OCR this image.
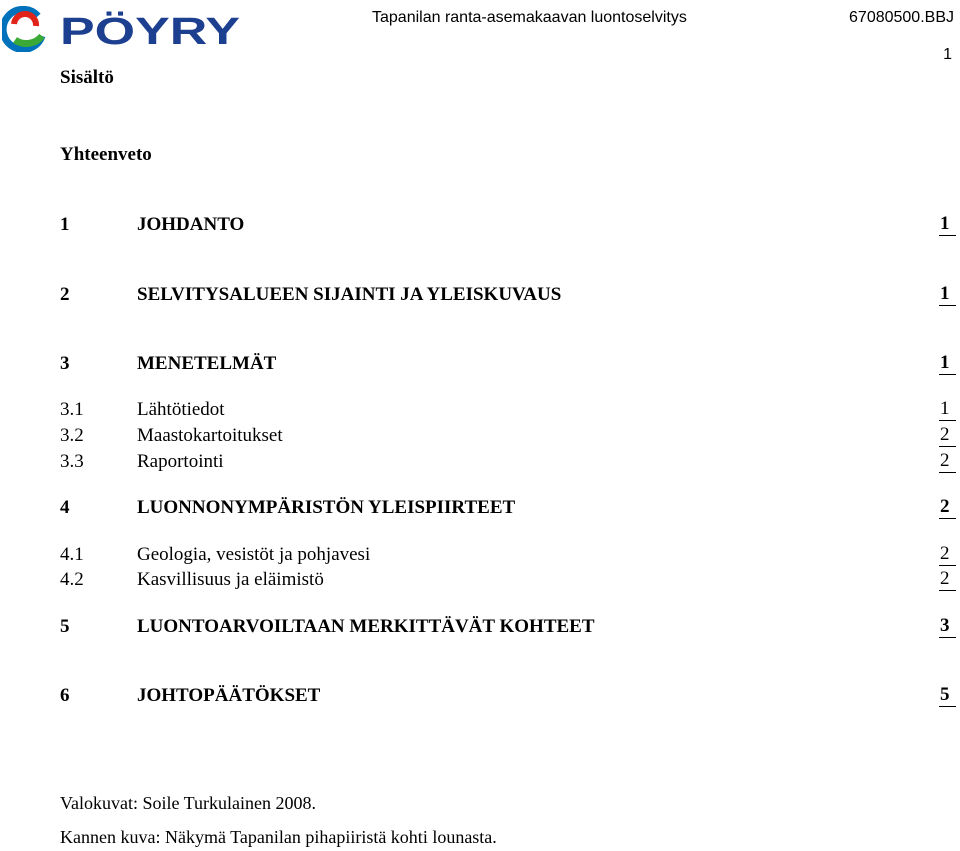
PÖYRY	Tapanilan ranta-asemakaavan luontoselvitys	67080500.BBJ
1
Sisältö
Yhteenveto
1	JOHDANTO	1
2	SELVITYSALUEEN SIJAINTI JA YLEISKUVAUS	1
3	MENETELMÄT	1
3.1	Lähtötiedot	1
3.2	Maastokartoitukset	2
3.3	Raportointi	2
4	LUONNONYMPÄRISTÖN YLEISPIIRTEET	2
4.1	Geologia, vesistöt ja pohjavesi	2
4.2	Kasvillisuus ja eläimistö	2
5	LUONTOARVOILTAAN MERKITTÄVÄT KOHTEET	3
6	JOHTOPÄÄTÖKSET	5
Valokuvat: Soile Turkulainen 2008.
Kannen kuva: Näkymä Tapanilan pihapiiristä kohti lounasta.
